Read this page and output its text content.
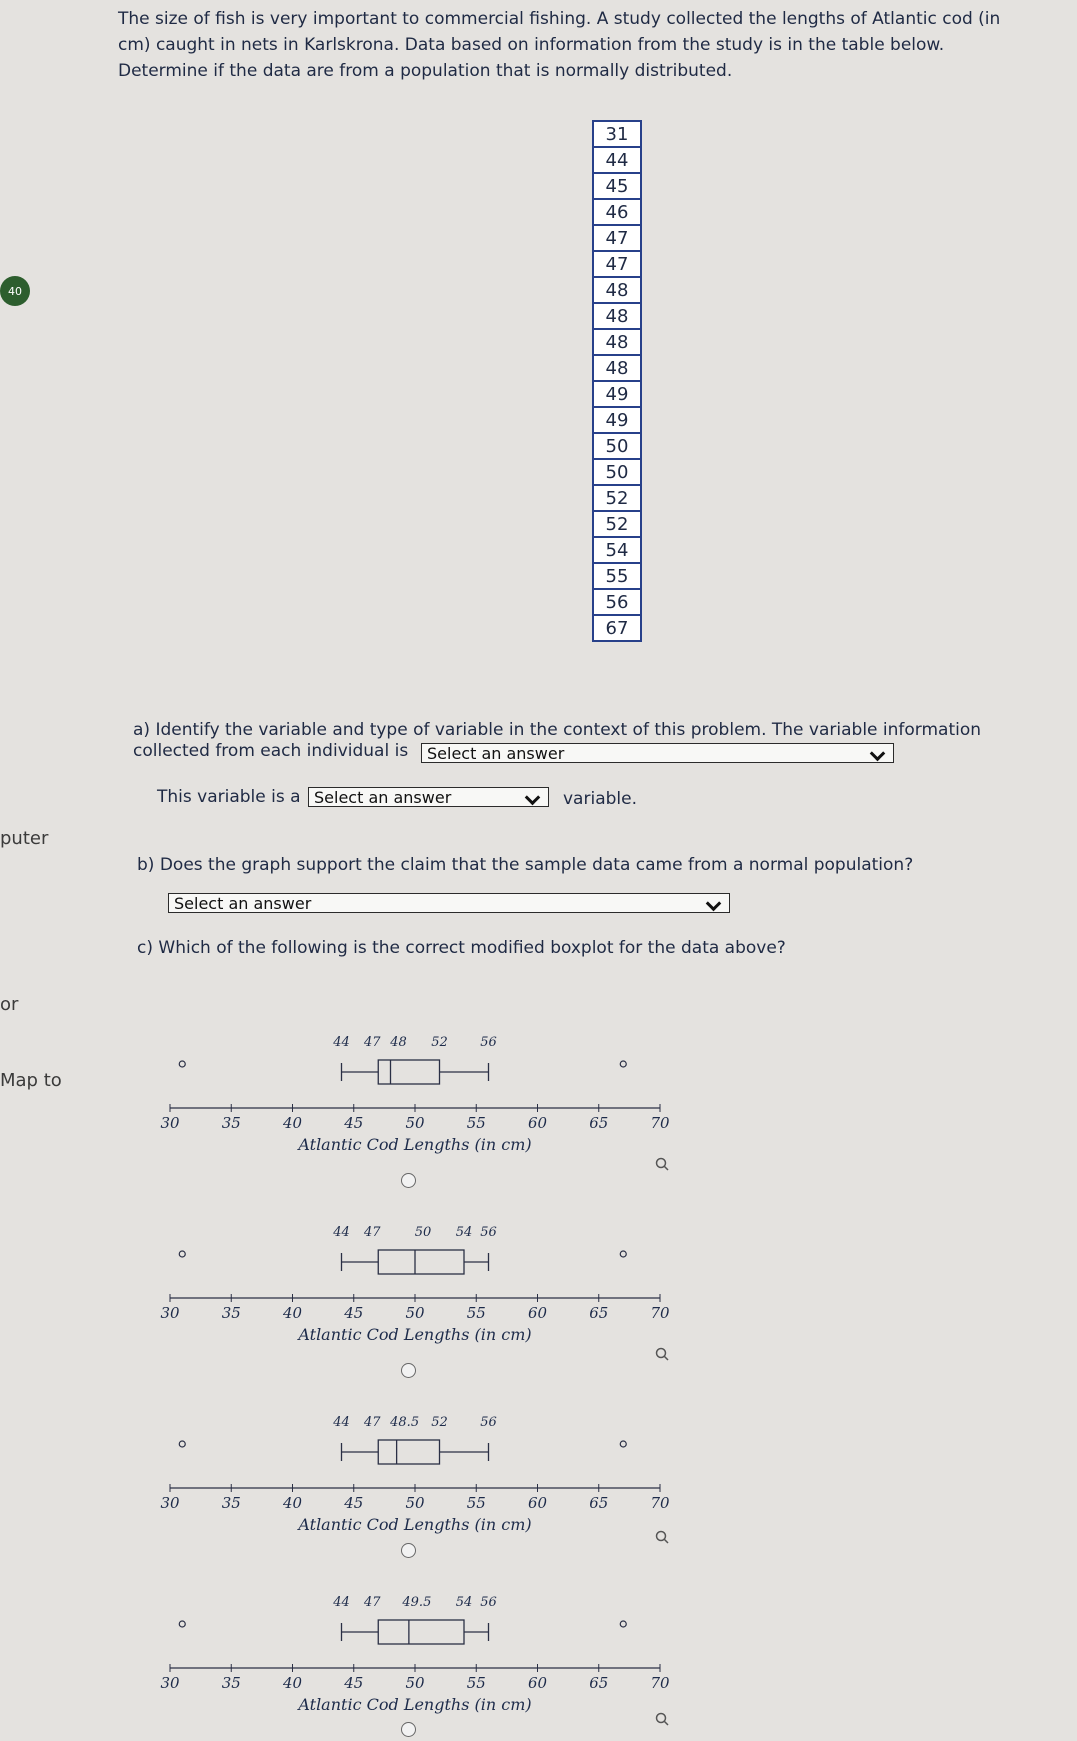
The size of fish is very important to commercial fishing. A study collected the lengths of Atlantic cod (in
cm) caught in nets in Karlskrona. Data based on information from the study is in the table below.
Determine if the data are from a population that is normally distributed.
40
puter
or
Map to
31
44
45
46
47
47
48
48
48
48
49
49
50
50
52
52
54
55
56
67
a) Identify the variable and type of variable in the context of this problem. The variable information
collected from each individual is	Select an answer
This variable is a Select an answer	variable.
b) Does the graph support the claim that the sample data came from a normal population?
Select an answer
c) Which of the following is the correct modified boxplot for the data above?
30	35	40	45	50	55	60	65	70
Atlantic Cod Lengths (in cm)
44 47 48 52 56
30	35	40	45	50	55	60	65	70
Atlantic Cod Lengths (in cm)
44 47	50 54 56
30	35	40	45	50	55	60	65	70
Atlantic Cod Lengths (in cm)
44 47 48.5 52 56
30	35	40	45	50	55	60	65	70
Atlantic Cod Lengths (in cm)
44 47 49.5 54 56
